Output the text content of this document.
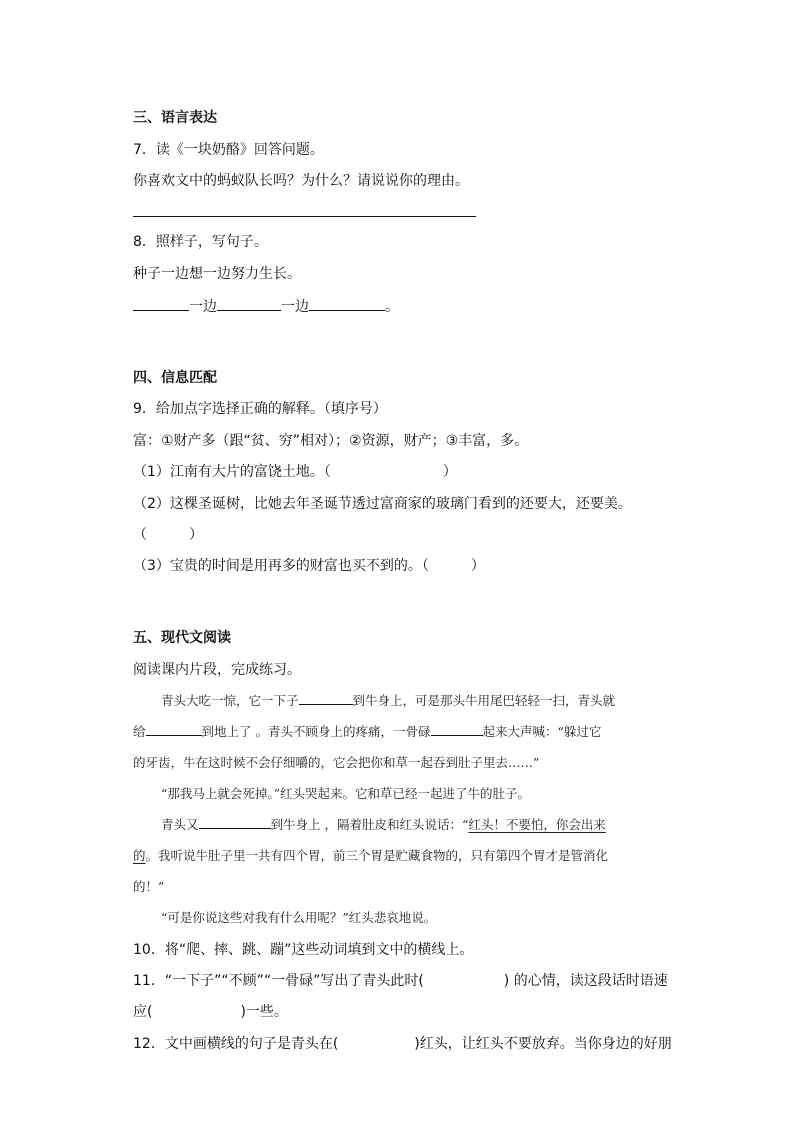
三、语言表达
7．读《一块奶酪》回答问题。
你喜欢文中的蚂蚁队长吗？为什么？请说说你的理由。
8．照样子，写句子。
种子一边想一边努力生长。
一边	一边	。
四、信息匹配
9．给加点字选择正确的解释。（填序号）
富：①财产多（跟“贫、穷”相对）；②资源，财产；③丰富，多。
（1）江南有大片的富饶土地。（	）
（2）这棵圣诞树，比她去年圣诞节透过富商家的玻璃门看到的还要大，还要美。
（	）
（3）宝贵的时间是用再多的财富也买不到的。（	）
五、现代文阅读
阅读课内片段，完成练习。
青头大吃一惊，它一下子	到牛身上，可是那头牛用尾巴轻轻一扫，青头就
给	到地上了 。青头不顾身上的疼痛，一骨碌	起来大声喊：“躲过它
的牙齿，牛在这时候不会仔细嚼的，它会把你和草一起吞到肚子里去……”
“那我马上就会死掉。”红头哭起来。它和草已经一起进了牛的肚子。
青头又	到牛身上 ，隔着肚皮和红头说话：“红头！不要怕，你会出来
的。我听说牛肚子里一共有四个胃，前三个胃是贮藏食物的，只有第四个胃才是管消化
的！”
“可是你说这些对我有什么用呢？”红头悲哀地说。
10．将“爬、摔、跳、蹦”这些动词填到文中的横线上。
11．“一下子”“不顾”“一骨碌”写出了青头此时(	) 的心情，读这段话时语速
应(	)一些。
12．文中画横线的句子是青头在(	)红头，让红头不要放弃。当你身边的好朋
